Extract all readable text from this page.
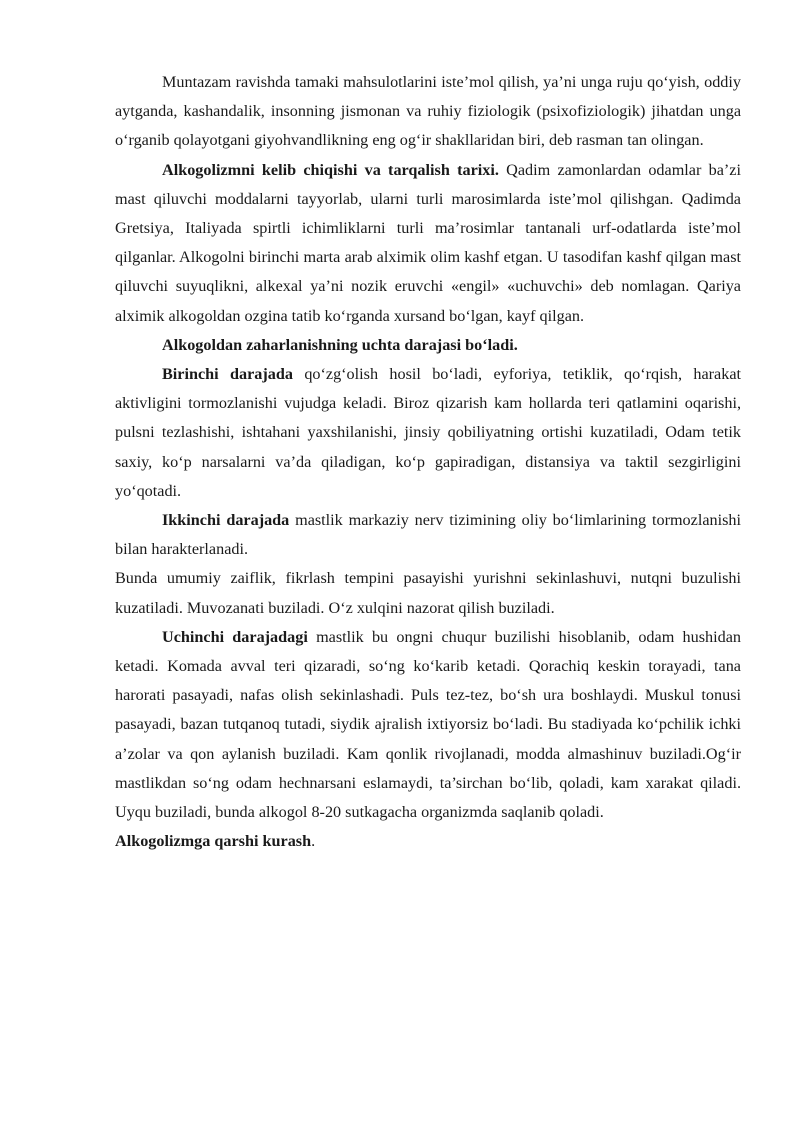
Muntazam ravishda tamaki mahsulotlarini iste’mol qilish, ya’ni unga ruju qo‘yish, oddiy aytganda, kashandalik, insonning jismonan va ruhiy fiziologik (psixofiziologik) jihatdan unga o‘rganib qolayotgani giyohvandlikning eng og‘ir shakllaridan biri, deb rasman tan olingan.

Alkogolizmni kelib chiqishi va tarqalish tarixi. Qadim zamonlardan odamlar ba’zi mast qiluvchi moddalarni tayyorlab, ularni turli marosimlarda iste’mol qilishgan. Qadimda Gretsiya, Italiyada spirtli ichimliklarni turli ma’rosimlar tantanali urf-odatlarda iste’mol qilganlar. Alkogolni birinchi marta arab alximik olim kashf etgan. U tasodifan kashf qilgan mast qiluvchi suyuqlikni, alkexal ya’ni nozik eruvchi «engil» «uchuvchi» deb nomlagan. Qariya alximik alkogoldan ozgina tatib ko‘rganda xursand bo‘lgan, kayf qilgan.

Alkogoldan zaharlanishning uchta darajasi bo‘ladi.

Birinchi darajada qo‘zg‘olish hosil bo‘ladi, eyforiya, tetiklik, qo‘rqish, harakat aktivligini tormozlanishi vujudga keladi. Biroz qizarish kam hollarda teri qatlamini oqarishi, pulsni tezlashishi, ishtahani yaxshilanishi, jinsiy qobiliyatning ortishi kuzatiladi, Odam tetik saxiy, ko‘p narsalarni va’da qiladigan, ko‘p gapiradigan, distansiya va taktil sezgirligini yo‘qotadi.

Ikkinchi darajada mastlik markaziy nerv tizimining oliy bo‘limlarining tormozlanishi bilan harakterlanadi.

Bunda umumiy zaiflik, fikrlash tempini pasayishi yurishni sekinlashuvi, nutqni buzulishi kuzatiladi. Muvozanati buziladi. O‘z xulqini nazorat qilish buziladi.

Uchinchi darajadagi mastlik bu ongni chuqur buzilishi hisoblanib, odam hushidan ketadi. Komada avval teri qizaradi, so‘ng ko‘karib ketadi. Qorachiq keskin torayadi, tana harorati pasayadi, nafas olish sekinlashadi. Puls tez-tez, bo‘sh ura boshlaydi. Muskul tonusi pasayadi, bazan tutqanoq tutadi, siydik ajralish ixtiyorsiz bo‘ladi. Bu stadiyada ko‘pchilik ichki a’zolar va qon aylanish buziladi. Kam qonlik rivojlanadi, modda almashinuv buziladi.Og‘ir mastlikdan so‘ng odam hechnarsani eslamaydi, ta’sirchan bo‘lib, qoladi, kam xarakat qiladi. Uyqu buziladi, bunda alkogol 8-20 sutkagacha organizmda saqlanib qoladi.

Alkogolizmga qarshi kurash.
